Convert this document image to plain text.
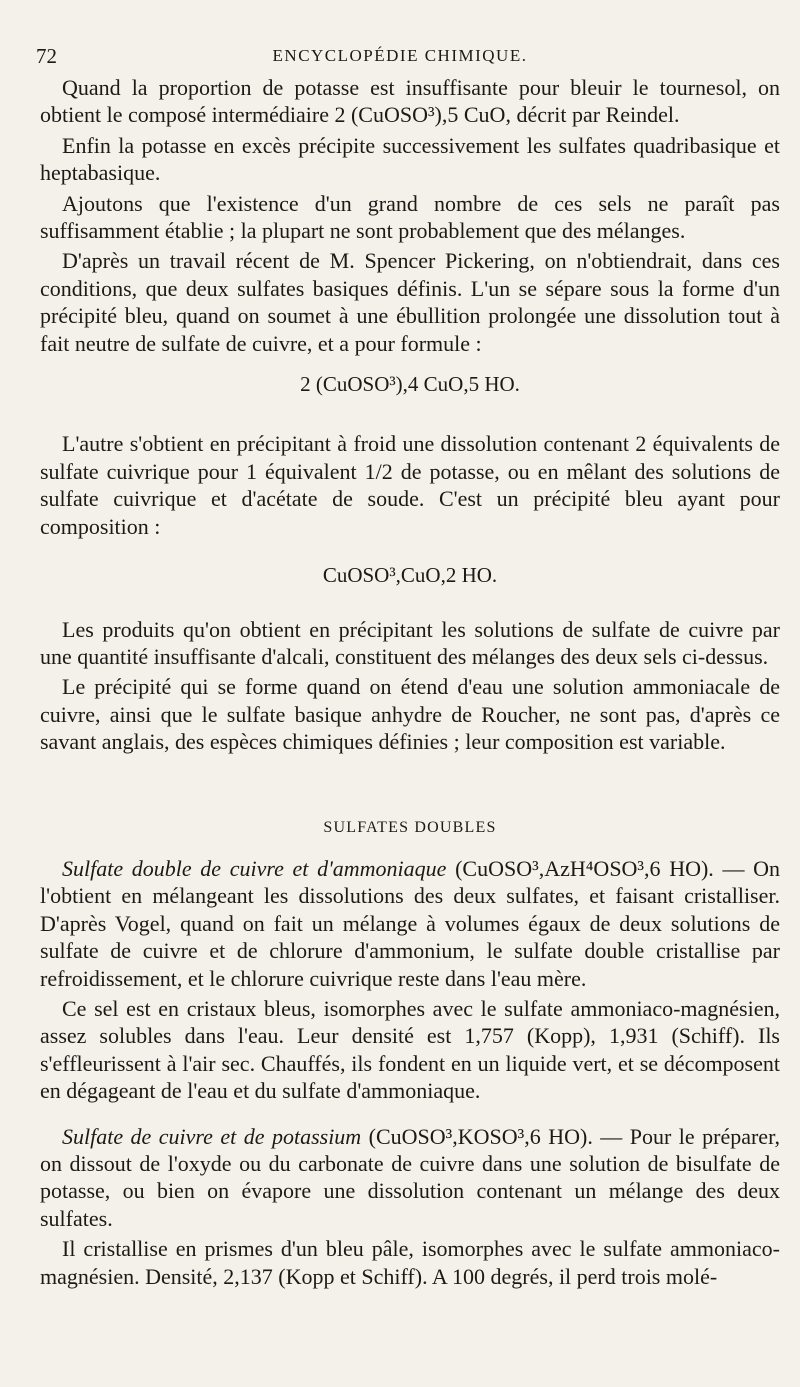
72	ENCYCLOPÉDIE CHIMIQUE.

Quand la proportion de potasse est insuffisante pour bleuir le tournesol, on obtient le composé intermédiaire 2 (CuOSO³),5 CuO, décrit par Reindel.

Enfin la potasse en excès précipite successivement les sulfates quadribasique et heptabasique.

Ajoutons que l'existence d'un grand nombre de ces sels ne paraît pas suffisamment établie ; la plupart ne sont probablement que des mélanges.

D'après un travail récent de M. Spencer Pickering, on n'obtiendrait, dans ces conditions, que deux sulfates basiques définis. L'un se sépare sous la forme d'un précipité bleu, quand on soumet à une ébullition prolongée une dissolution tout à fait neutre de sulfate de cuivre, et a pour formule :

2 (CuOSO³),4 CuO,5 HO.

L'autre s'obtient en précipitant à froid une dissolution contenant 2 équivalents de sulfate cuivrique pour 1 équivalent 1/2 de potasse, ou en mêlant des solutions de sulfate cuivrique et d'acétate de soude. C'est un précipité bleu ayant pour composition :

CuOSO³,CuO,2 HO.

Les produits qu'on obtient en précipitant les solutions de sulfate de cuivre par une quantité insuffisante d'alcali, constituent des mélanges des deux sels ci-dessus.

Le précipité qui se forme quand on étend d'eau une solution ammoniacale de cuivre, ainsi que le sulfate basique anhydre de Roucher, ne sont pas, d'après ce savant anglais, des espèces chimiques définies ; leur composition est variable.

SULFATES DOUBLES

Sulfate double de cuivre et d'ammoniaque (CuOSO³,AzH⁴OSO³,6 HO). — On l'obtient en mélangeant les dissolutions des deux sulfates, et faisant cristalliser. D'après Vogel, quand on fait un mélange à volumes égaux de deux solutions de sulfate de cuivre et de chlorure d'ammonium, le sulfate double cristallise par refroidissement, et le chlorure cuivrique reste dans l'eau mère.

Ce sel est en cristaux bleus, isomorphes avec le sulfate ammoniaco-magnésien, assez solubles dans l'eau. Leur densité est 1,757 (Kopp), 1,931 (Schiff). Ils s'effleurissent à l'air sec. Chauffés, ils fondent en un liquide vert, et se décomposent en dégageant de l'eau et du sulfate d'ammoniaque.

Sulfate de cuivre et de potassium (CuOSO³,KOSO³,6 HO). — Pour le préparer, on dissout de l'oxyde ou du carbonate de cuivre dans une solution de bisulfate de potasse, ou bien on évapore une dissolution contenant un mélange des deux sulfates.

Il cristallise en prismes d'un bleu pâle, isomorphes avec le sulfate ammoniaco-magnésien. Densité, 2,137 (Kopp et Schiff). A 100 degrés, il perd trois molé-
